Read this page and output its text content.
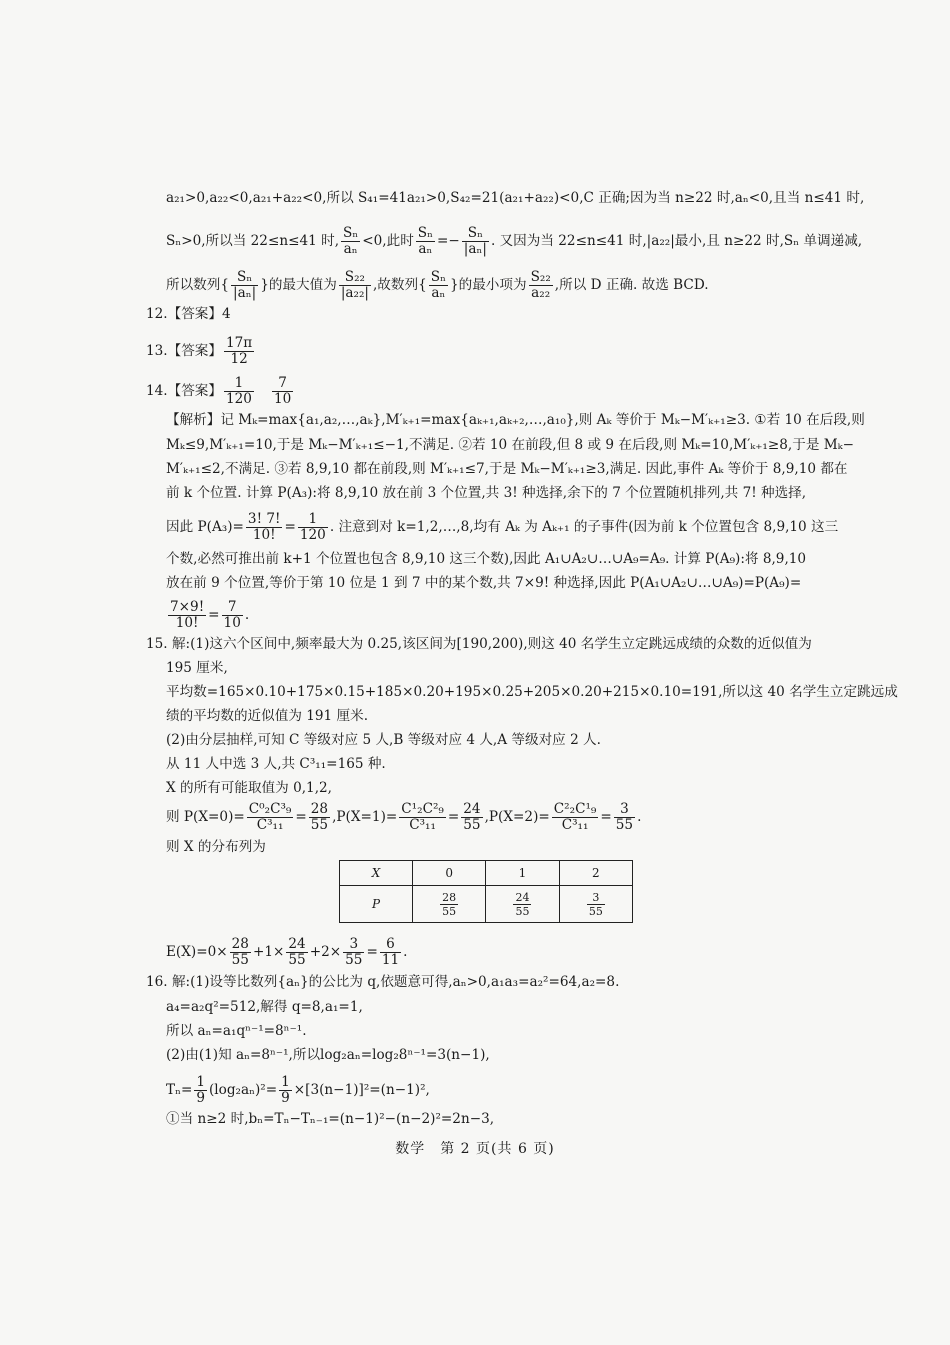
a₂₁>0,a₂₂<0,a₂₁+a₂₂<0,所以 S₄₁=41a₂₁>0,S₄₂=21(a₂₁+a₂₂)<0,C 正确;因为当 n≥22 时,aₙ<0,且当 n≤41 时,
Sₙ>0,所以当 22≤n≤41 时, $\frac{\text{Sₙ}}{\text{aₙ}} <0$,此时 $\frac{\text{Sₙ}}{\text{aₙ}} =- \frac{\text{Sₙ}}{\text{|aₙ|}}$ . 又因为当 22≤n≤41 时,|a₂₂|最小,且 n≥22 时,Sₙ 单调递减,
所以数列{ $\frac{\text{Sₙ}}{\text{|aₙ|}}$ }的最大值为 $\frac{\text{S₂₂}}{\text{|a₂₂|}}$ ,故数列{ $\frac{\text{Sₙ}}{\text{aₙ}}$ }的最小项为 $\frac{\text{S₂₂}}{\text{a₂₂}}$ ,所以 D 正确. 故选 BCD.
12.【答案】4
13.【答案】 $\frac{17\pi}{12}$
14.【答案】 $\frac{1}{120} \frac{7}{10}$
【解析】记 Mₖ=max{a₁,a₂,…,aₖ},M′ₖ₊₁=max{aₖ₊₁,aₖ₊₂,…,a₁₀},则 Aₖ 等价于 Mₖ−M′ₖ₊₁≥3. ①若 10 在后段,则
Mₖ≤9,M′ₖ₊₁=10,于是 Mₖ−M′ₖ₊₁≤−1,不满足. ②若 10 在前段,但 8 或 9 在后段,则 Mₖ=10,M′ₖ₊₁≥8,于是 Mₖ−
M′ₖ₊₁≤2,不满足. ③若 8,9,10 都在前段,则 M′ₖ₊₁≤7,于是 Mₖ−M′ₖ₊₁≥3,满足. 因此,事件 Aₖ 等价于 8,9,10 都在
前 k 个位置. 计算 P(A₃):将 8,9,10 放在前 3 个位置,共 3! 种选择,余下的 7 个位置随机排列,共 7! 种选择,
因此 $P(A_3)= \frac{3! 7!}{10!} = \frac{1}{120}$ . 注意到对 k=1,2,…,8,均有 Aₖ 为 Aₖ₊₁ 的子事件(因为前 k 个位置包含 8,9,10 这三
个数,必然可推出前 k+1 个位置也包含 8,9,10 这三个数),因此 A₁∪A₂∪…∪A₉=A₉. 计算 P(A₉):将 8,9,10
放在前 9 个位置,等价于第 10 位是 1 到 7 中的某个数,共 7×9! 种选择,因此 P(A₁∪A₂∪…∪A₉)=P(A₉)=
$\frac{7\times 9!}{10!} = \frac{7}{10}$ .
15. 解:(1)这六个区间中,频率最大为 0.25,该区间为[190,200),则这 40 名学生立定跳远成绩的众数的近似值为
195 厘米,
平均数=165×0.10+175×0.15+185×0.20+195×0.25+205×0.20+215×0.10=191,所以这 40 名学生立定跳远成
绩的平均数的近似值为 191 厘米.
(2)由分层抽样,可知 C 等级对应 5 人,B 等级对应 4 人,A 等级对应 2 人.
从 11 人中选 3 人,共 C³₁₁=165 种.
X 的所有可能取值为 0,1,2,
则 $P(X=0)= \frac{\text{C⁰₂C³₉}}{\text{C³₁₁}} = \frac{28}{55} ,P(X=1)= \frac{\text{C¹₂C²₉}}{\text{C³₁₁}} = \frac{24}{55} ,P(X=2)= \frac{\text{C²₂C¹₉}}{\text{C³₁₁}} = \frac{3}{55}$ .
则 X 的分布列为
X	0	1	2
P	$\frac{28}{55}$	$\frac{24}{55}$	$\frac{3}{55}$
$E(X)=0\times \frac{28}{55} +1\times \frac{24}{55} +2\times \frac{3}{55} = \frac{6}{11}$ .
16. 解:(1)设等比数列{aₙ}的公比为 q,依题意可得,aₙ>0,a₁a₃=a₂²=64,a₂=8.
a₄=a₂q²=512,解得 q=8,a₁=1,
所以 aₙ=a₁qⁿ⁻¹=8ⁿ⁻¹.
(2)由(1)知 aₙ=8ⁿ⁻¹,所以log₂aₙ=log₂8ⁿ⁻¹=3(n−1),
$T_n= \frac{1}{9} (\log_2a_n)^2= \frac{1}{9} \times[3(n-1)]^2=(n-1)^2$,
①当 n≥2 时,bₙ=Tₙ−Tₙ₋₁=(n−1)²−(n−2)²=2n−3,
数学　第 2 页(共 6 页)
